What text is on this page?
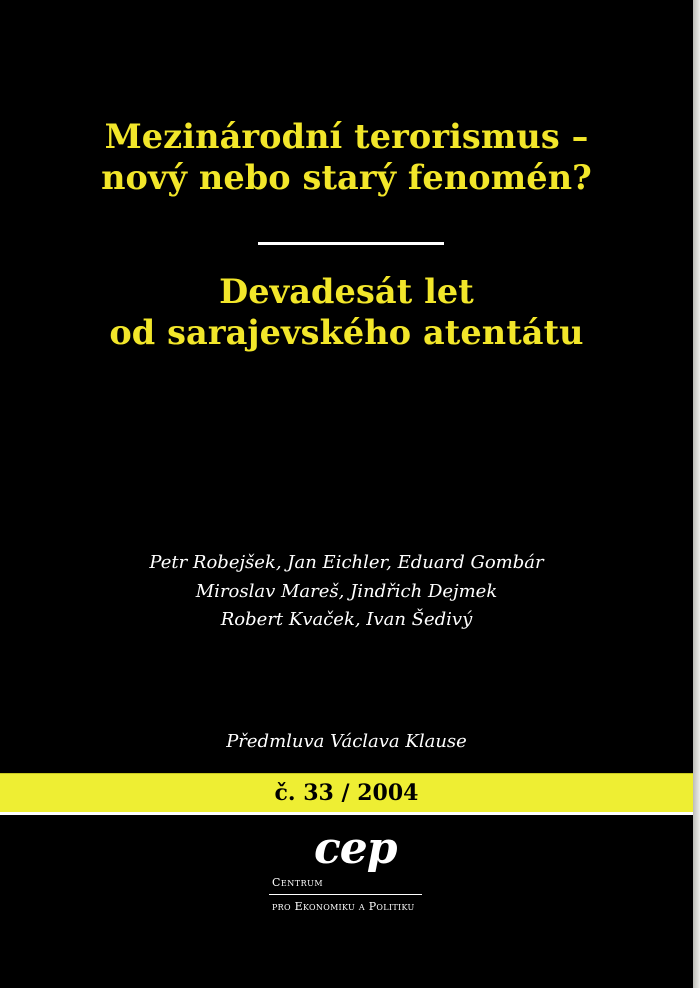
Mezinárodní terorismus –
nový nebo starý fenomén?
Devadesát let
od sarajevského atentátu
Petr Robejšek, Jan Eichler, Eduard Gombár
Miroslav Mareš, Jindřich Dejmek
Robert Kvaček, Ivan Šedivý
Předmluva Václava Klause
č. 33 / 2004
cep
Centrum
pro Ekonomiku a Politiku
